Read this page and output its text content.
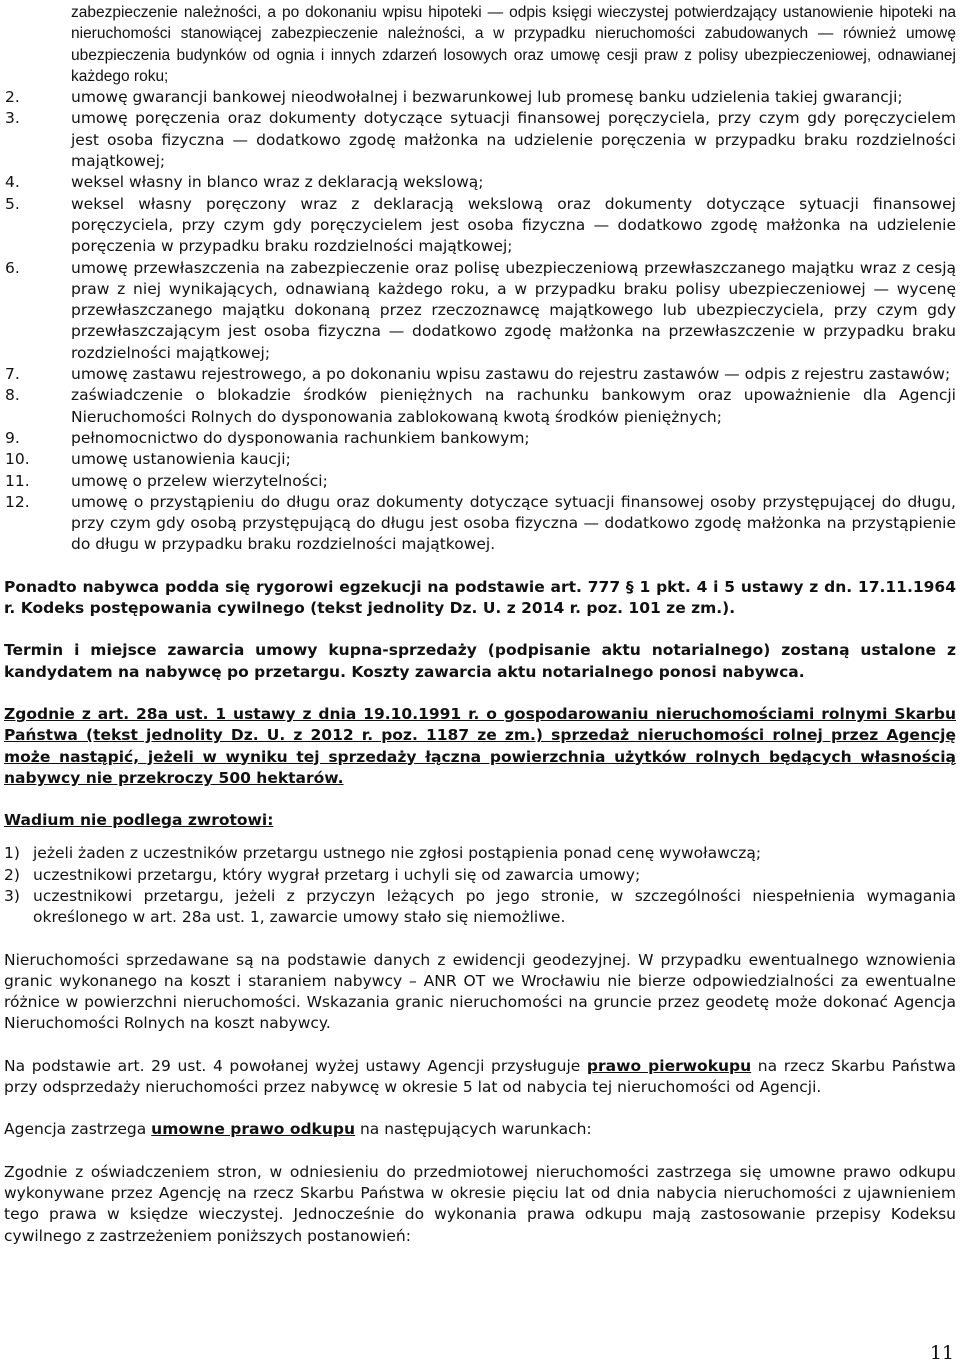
zabezpieczenie należności, a po dokonaniu wpisu hipoteki — odpis księgi wieczystej potwierdzający ustanowienie hipoteki na nieruchomości stanowiącej zabezpieczenie należności, a w przypadku nieruchomości zabudowanych — również umowę ubezpieczenia budynków od ognia i innych zdarzeń losowych oraz umowę cesji praw z polisy ubezpieczeniowej, odnawianej każdego roku;
2.	umowę gwarancji bankowej nieodwołalnej i bezwarunkowej lub promesę banku udzielenia takiej gwarancji;
3.	umowę poręczenia oraz dokumenty dotyczące sytuacji finansowej poręczyciela, przy czym gdy poręczycielem jest osoba fizyczna — dodatkowo zgodę małżonka na udzielenie poręczenia w przypadku braku rozdzielności majątkowej;
4.	weksel własny in blanco wraz z deklaracją wekslową;
5.	weksel własny poręczony wraz z deklaracją wekslową oraz dokumenty dotyczące sytuacji finansowej poręczyciela, przy czym gdy poręczycielem jest osoba fizyczna — dodatkowo zgodę małżonka na udzielenie poręczenia w przypadku braku rozdzielności majątkowej;
6.	umowę przewłaszczenia na zabezpieczenie oraz polisę ubezpieczeniową przewłaszczanego majątku wraz z cesją praw z niej wynikających, odnawianą każdego roku, a w przypadku braku polisy ubezpieczeniowej — wycenę przewłaszczanego majątku dokonaną przez rzeczoznawcę majątkowego lub ubezpieczyciela, przy czym gdy przewłaszczającym jest osoba fizyczna — dodatkowo zgodę małżonka na przewłaszczenie w przypadku braku rozdzielności majątkowej;
7.	umowę zastawu rejestrowego, a po dokonaniu wpisu zastawu do rejestru zastawów — odpis z rejestru zastawów;
8.	zaświadczenie o blokadzie środków pieniężnych na rachunku bankowym oraz upoważnienie dla Agencji Nieruchomości Rolnych do dysponowania zablokowaną kwotą środków pieniężnych;
9.	pełnomocnictwo do dysponowania rachunkiem bankowym;
10.	umowę ustanowienia kaucji;
11.	umowę o przelew wierzytelności;
12.	umowę o przystąpieniu do długu oraz dokumenty dotyczące sytuacji finansowej osoby przystępującej do długu, przy czym gdy osobą przystępującą do długu jest osoba fizyczna — dodatkowo zgodę małżonka na przystąpienie do długu w przypadku braku rozdzielności majątkowej.

Ponadto nabywca podda się rygorowi egzekucji na podstawie art. 777 § 1 pkt. 4 i 5 ustawy z dn. 17.11.1964 r. Kodeks postępowania cywilnego (tekst jednolity Dz. U. z 2014 r. poz. 101 ze zm.).

Termin i miejsce zawarcia umowy kupna-sprzedaży (podpisanie aktu notarialnego) zostaną ustalone z kandydatem na nabywcę po przetargu. Koszty zawarcia aktu notarialnego ponosi nabywca.

Zgodnie z art. 28a ust. 1 ustawy z dnia 19.10.1991 r. o gospodarowaniu nieruchomościami rolnymi Skarbu Państwa (tekst jednolity Dz. U. z 2012 r. poz. 1187 ze zm.) sprzedaż nieruchomości rolnej przez Agencję może nastąpić, jeżeli w wyniku tej sprzedaży łączna powierzchnia użytków rolnych będących własnością nabywcy nie przekroczy 500 hektarów.

Wadium nie podlega zwrotowi:

1) jeżeli żaden z uczestników przetargu ustnego nie zgłosi postąpienia ponad cenę wywoławczą;
2) uczestnikowi przetargu, który wygrał przetarg i uchyli się od zawarcia umowy;
3) uczestnikowi przetargu, jeżeli z przyczyn leżących po jego stronie, w szczególności niespełnienia wymagania określonego w art. 28a ust. 1, zawarcie umowy stało się niemożliwe.

Nieruchomości sprzedawane są na podstawie danych z ewidencji geodezyjnej. W przypadku ewentualnego wznowienia granic wykonanego na koszt i staraniem nabywcy – ANR OT we Wrocławiu nie bierze odpowiedzialności za ewentualne różnice w powierzchni nieruchomości. Wskazania granic nieruchomości na gruncie przez geodetę może dokonać Agencja Nieruchomości Rolnych na koszt nabywcy.

Na podstawie art. 29 ust. 4 powołanej wyżej ustawy Agencji przysługuje prawo pierwokupu na rzecz Skarbu Państwa przy odsprzedaży nieruchomości przez nabywcę w okresie 5 lat od nabycia tej nieruchomości od Agencji.

Agencja zastrzega umowne prawo odkupu na następujących warunkach:

Zgodnie z oświadczeniem stron, w odniesieniu do przedmiotowej nieruchomości zastrzega się umowne prawo odkupu wykonywane przez Agencję na rzecz Skarbu Państwa w okresie pięciu lat od dnia nabycia nieruchomości z ujawnieniem tego prawa w księdze wieczystej. Jednocześnie do wykonania prawa odkupu mają zastosowanie przepisy Kodeksu cywilnego z zastrzeżeniem poniższych postanowień:

11
